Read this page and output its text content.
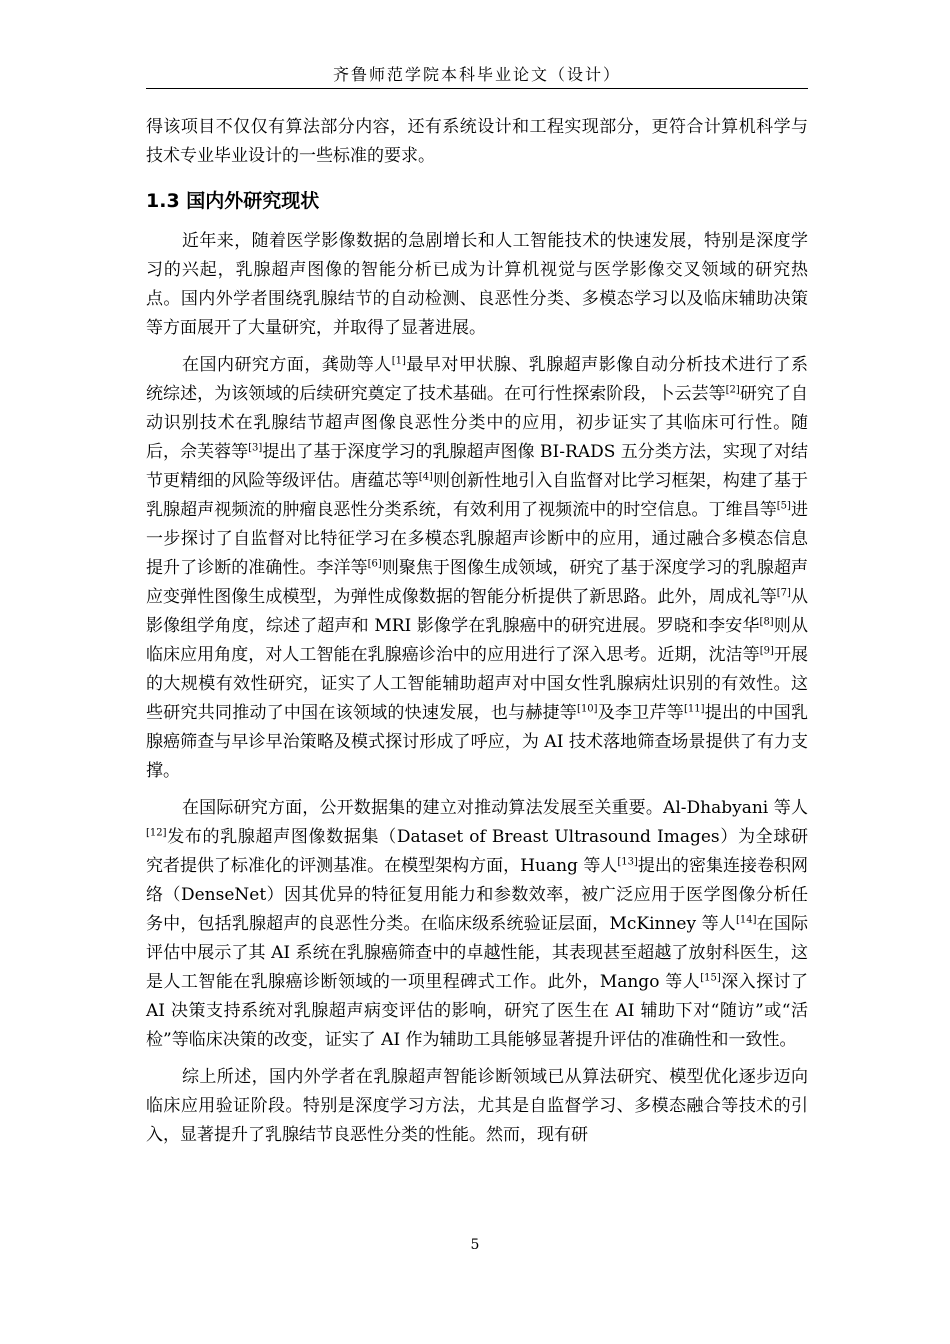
齐鲁师范学院本科毕业论文（设计）

得该项目不仅仅有算法部分内容，还有系统设计和工程实现部分，更符合计算机科学与技术专业毕业设计的一些标准的要求。

1.3 国内外研究现状

近年来，随着医学影像数据的急剧增长和人工智能技术的快速发展，特别是深度学习的兴起，乳腺超声图像的智能分析已成为计算机视觉与医学影像交叉领域的研究热点。国内外学者围绕乳腺结节的自动检测、良恶性分类、多模态学习以及临床辅助决策等方面展开了大量研究，并取得了显著进展。

在国内研究方面，龚勋等人[1]最早对甲状腺、乳腺超声影像自动分析技术进行了系统综述，为该领域的后续研究奠定了技术基础。在可行性探索阶段，卜云芸等[2]研究了自动识别技术在乳腺结节超声图像良恶性分类中的应用，初步证实了其临床可行性。随后，佘芙蓉等[3]提出了基于深度学习的乳腺超声图像 BI-RADS 五分类方法，实现了对结节更精细的风险等级评估。唐蕴芯等[4]则创新性地引入自监督对比学习框架，构建了基于乳腺超声视频流的肿瘤良恶性分类系统，有效利用了视频流中的时空信息。丁维昌等[5]进一步探讨了自监督对比特征学习在多模态乳腺超声诊断中的应用，通过融合多模态信息提升了诊断的准确性。李洋等[6]则聚焦于图像生成领域，研究了基于深度学习的乳腺超声应变弹性图像生成模型，为弹性成像数据的智能分析提供了新思路。此外，周成礼等[7]从影像组学角度，综述了超声和 MRI 影像学在乳腺癌中的研究进展。罗晓和李安华[8]则从临床应用角度，对人工智能在乳腺癌诊治中的应用进行了深入思考。近期，沈洁等[9]开展的大规模有效性研究，证实了人工智能辅助超声对中国女性乳腺病灶识别的有效性。这些研究共同推动了中国在该领域的快速发展，也与赫捷等[10]及李卫芹等[11]提出的中国乳腺癌筛查与早诊早治策略及模式探讨形成了呼应，为 AI 技术落地筛查场景提供了有力支撑。

在国际研究方面，公开数据集的建立对推动算法发展至关重要。Al-Dhabyani 等人[12]发布的乳腺超声图像数据集（Dataset of Breast Ultrasound Images）为全球研究者提供了标准化的评测基准。在模型架构方面，Huang 等人[13]提出的密集连接卷积网络（DenseNet）因其优异的特征复用能力和参数效率，被广泛应用于医学图像分析任务中，包括乳腺超声的良恶性分类。在临床级系统验证层面，McKinney 等人[14]在国际评估中展示了其 AI 系统在乳腺癌筛查中的卓越性能，其表现甚至超越了放射科医生，这是人工智能在乳腺癌诊断领域的一项里程碑式工作。此外，Mango 等人[15]深入探讨了 AI 决策支持系统对乳腺超声病变评估的影响，研究了医生在 AI 辅助下对“随访”或“活检”等临床决策的改变，证实了 AI 作为辅助工具能够显著提升评估的准确性和一致性。

综上所述，国内外学者在乳腺超声智能诊断领域已从算法研究、模型优化逐步迈向临床应用验证阶段。特别是深度学习方法，尤其是自监督学习、多模态融合等技术的引入，显著提升了乳腺结节良恶性分类的性能。然而，现有研

5
